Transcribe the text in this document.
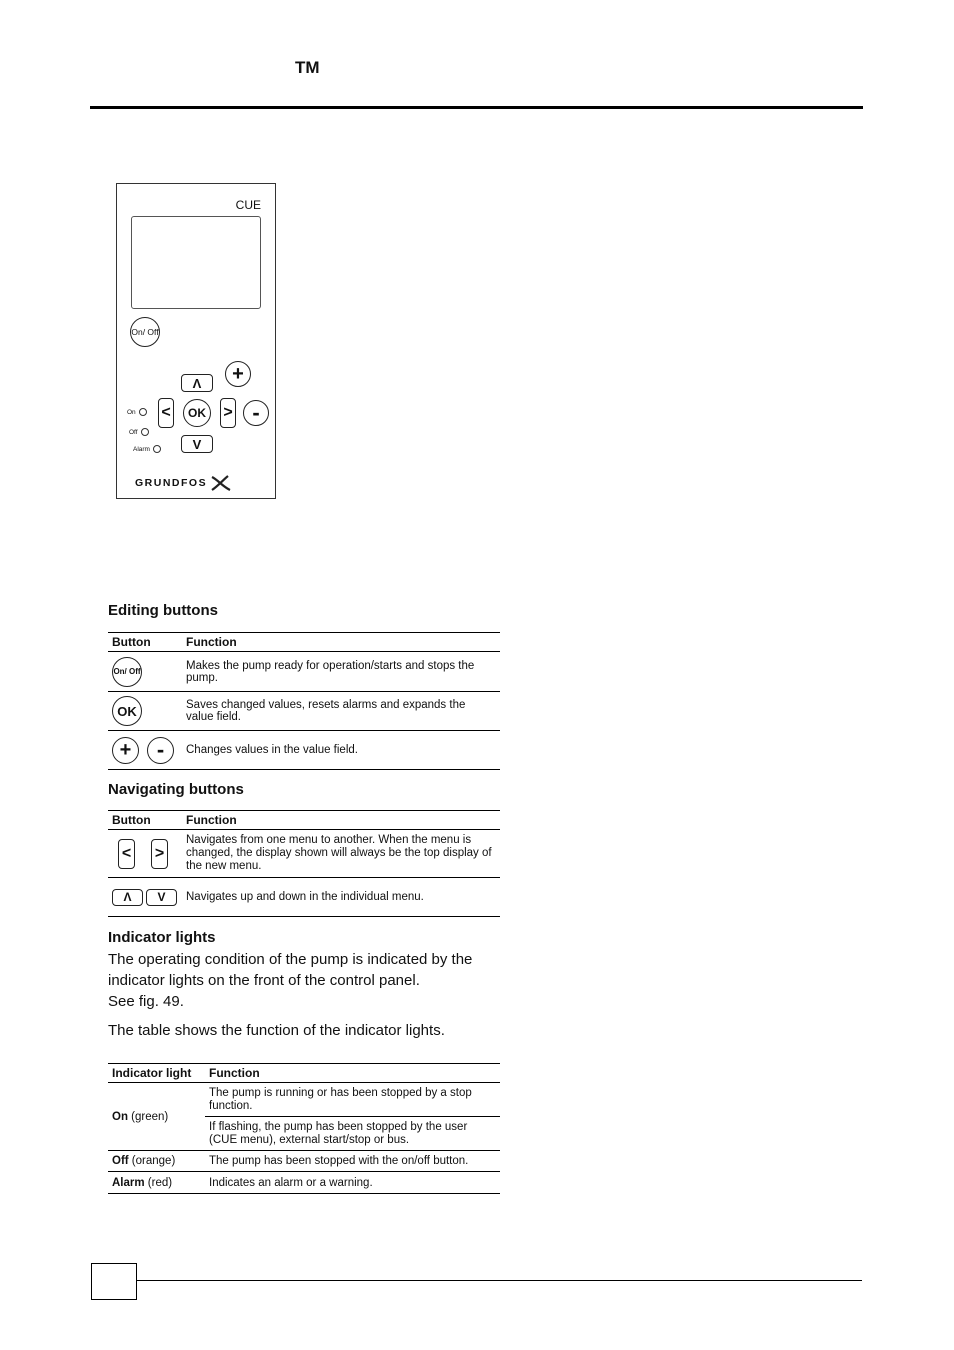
TM
CUE
On/ Off
Λ +
< OK > -
V
On
Off
Alarm
GRUNDFOS
Editing buttons
Button	Function
On/ Off	Makes the pump ready for operation/starts and stops the pump.
OK	Saves changed values, resets alarms and expands the value field.

+ -	Changes values in the value field.
Navigating buttons
Button	Function

< >	Navigates from one menu to another. When the menu is changed, the display shown will always be the top display of the new menu.

Λ V	Navigates up and down in the individual menu.
Indicator lights
The operating condition of the pump is indicated by the
indicator lights on the front of the control panel.
See fig. 49.
The table shows the function of the indicator lights.
Indicator light	Function
On (green)	The pump is running or has been stopped by a stop function.
	If flashing, the pump has been stopped by the user (CUE menu), external start/stop or bus.
Off (orange)	The pump has been stopped with the on/off button.
Alarm (red)	Indicates an alarm or a warning.
